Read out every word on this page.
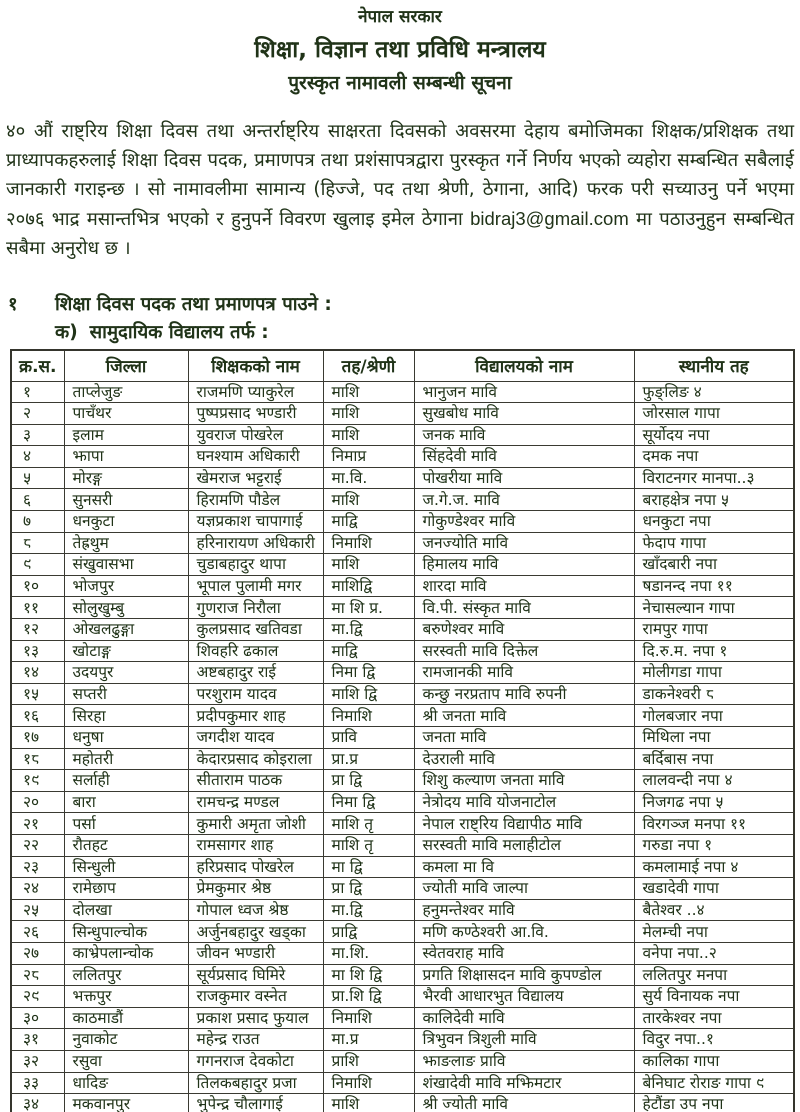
नेपाल सरकार
शिक्षा, विज्ञान तथा प्रविधि मन्त्रालय
पुरस्कृत नामावली सम्बन्धी सूचना

४० औं राष्ट्रिय शिक्षा दिवस तथा अन्तर्राष्ट्रिय साक्षरता दिवसको अवसरमा देहाय बमोजिमका शिक्षक/प्रशिक्षक तथा प्राध्यापकहरुलाई शिक्षा दिवस पदक, प्रमाणपत्र तथा प्रशंसापत्रद्वारा पुरस्कृत गर्ने निर्णय भएको व्यहोरा सम्बन्धित सबैलाई जानकारी गराइन्छ । सो नामावलीमा सामान्य (हिज्जे, पद तथा श्रेणी, ठेगाना, आदि) फरक परी सच्याउनु पर्ने भएमा २०७६ भाद्र मसान्तभित्र भएको र हुनुपर्ने विवरण खुलाइ इमेल ठेगाना bidraj3@gmail.com मा पठाउनुहुन सम्बन्धित सबैमा अनुरोध छ ।

१	शिक्षा दिवस पदक तथा प्रमाणपत्र पाउने :
क) सामुदायिक विद्यालय तर्फ :
क्र.स.	जिल्ला	शिक्षकको नाम	तह/श्रेणी	विद्यालयको नाम	स्थानीय तह
१	ताप्लेजुङ	राजमणि प्याकुरेल	माशि	भानुजन मावि	फुङ्लिङ ४
२	पाचँथर	पुष्पप्रसाद भण्डारी	माशि	सुखबोध मावि	जोरसाल गापा
३	इलाम	युवराज पोखरेल	माशि	जनक मावि	सूर्योदय नपा
४	झापा	घनश्याम अधिकारी	निमाप्र	सिंहदेवी मावि	दमक नपा
५	मोरङ्ग	खेमराज भट्टराई	मा.वि.	पोखरीया मावि	विराटनगर मानपा..३
६	सुनसरी	हिरामणि पौडेल	माशि	ज.गे.ज. मावि	बराहक्षेत्र नपा ५
७	धनकुटा	यज्ञप्रकाश चापागाई	माद्वि	गोकुण्डेश्वर मावि	धनकुटा नपा
८	तेह्रथुम	हरिनारायण अधिकारी	निमाशि	जनज्योति मावि	फेदाप गापा
९	संखुवासभा	चुडाबहादुर थापा	माशि	हिमालय मावि	खाँदबारी नपा
१०	भोजपुर	भूपाल पुलामी मगर	माशिद्वि	शारदा मावि	षडानन्द नपा ११
११	सोलुखुम्बु	गुणराज निरौला	मा शि प्र.	वि.पी. संस्कृत मावि	नेचासल्यान गापा
१२	ओखलढुङ्गा	कुलप्रसाद खतिवडा	मा.द्वि	बरुणेश्वर मावि	रामपुर गापा
१३	खोटाङ्ग	शिवहरि ढकाल	माद्वि	सरस्वती मावि दिक्तेल	दि.रु.म. नपा १
१४	उदयपुर	अष्टबहादुर राई	निमा द्वि	रामजानकी मावि	मोलीगडा गापा
१५	सप्तरी	परशुराम यादव	माशि द्वि	कन्छु नरप्रताप मावि रुपनी	डाकनेश्वरी ८
१६	सिरहा	प्रदीपकुमार शाह	निमाशि	श्री जनता मावि	गोलबजार नपा
१७	धनुषा	जगदीश यादव	प्रावि	जनता मावि	मिथिला नपा
१८	महोतरी	केदारप्रसाद कोइराला	प्रा.प्र	देउराली मावि	बर्दिबास नपा
१९	सर्लाही	सीताराम पाठक	प्रा द्वि	शिशु कल्याण जनता मावि	लालवन्दी नपा ४
२०	बारा	रामचन्द्र मण्डल	निमा द्वि	नेत्रोदय मावि योजनाटोल	निजगढ नपा ५
२१	पर्सा	कुमारी अमृता जोशी	माशि तृ	नेपाल राष्ट्रिय विद्यापीठ मावि	विरगञ्ज मनपा ११
२२	रौतहट	रामसागर शाह	माशि तृ	सरस्वती मावि मलाहीटोल	गरुडा नपा १
२३	सिन्धुली	हरिप्रसाद पोखरेल	मा द्वि	कमला मा वि	कमलामाई नपा ४
२४	रामेछाप	प्रेमकुमार श्रेष्ठ	प्रा द्वि	ज्योती मावि जाल्पा	खडादेवी गापा
२५	दोलखा	गोपाल ध्वज श्रेष्ठ	मा.द्वि	हनुमन्तेश्वर मावि	बैतेश्वर ..४
२६	सिन्धुपाल्चोक	अर्जुनबहादुर खड्का	प्राद्वि	मणि कण्ठेश्वरी आ.वि.	मेलम्ची नपा
२७	काभ्रेपलान्चोक	जीवन भण्डारी	मा.शि.	स्वेतवराह मावि	वनेपा नपा..२
२८	ललितपुर	सूर्यप्रसाद घिमिरे	मा शि द्वि	प्रगति शिक्षासदन मावि कुपण्डोल	ललितपुर मनपा
२९	भक्तपुर	राजकुमार वस्नेत	प्रा.शि द्वि	भैरवी आधारभुत विद्यालय	सुर्य विनायक नपा
३०	काठमाडौं	प्रकाश प्रसाद फुयाल	निमाशि	कालिदेवी मावि	तारकेश्वर नपा
३१	नुवाकोट	महेन्द्र राउत	मा.प्र	त्रिभुवन त्रिशुली मावि	विदुर नपा..१
३२	रसुवा	गगनराज देवकोटा	प्राशि	झाङलाङ प्रावि	कालिका गापा
३३	धादिङ	तिलकबहादुर प्रजा	निमाशि	शंखादेवी मावि मझिमटार	बेनिघाट रोराङ गापा ९
३४	मकवानपुर	भुपेन्द्र चौलागाई	माशि	श्री ज्योती मावि	हेटौंडा उप नपा
